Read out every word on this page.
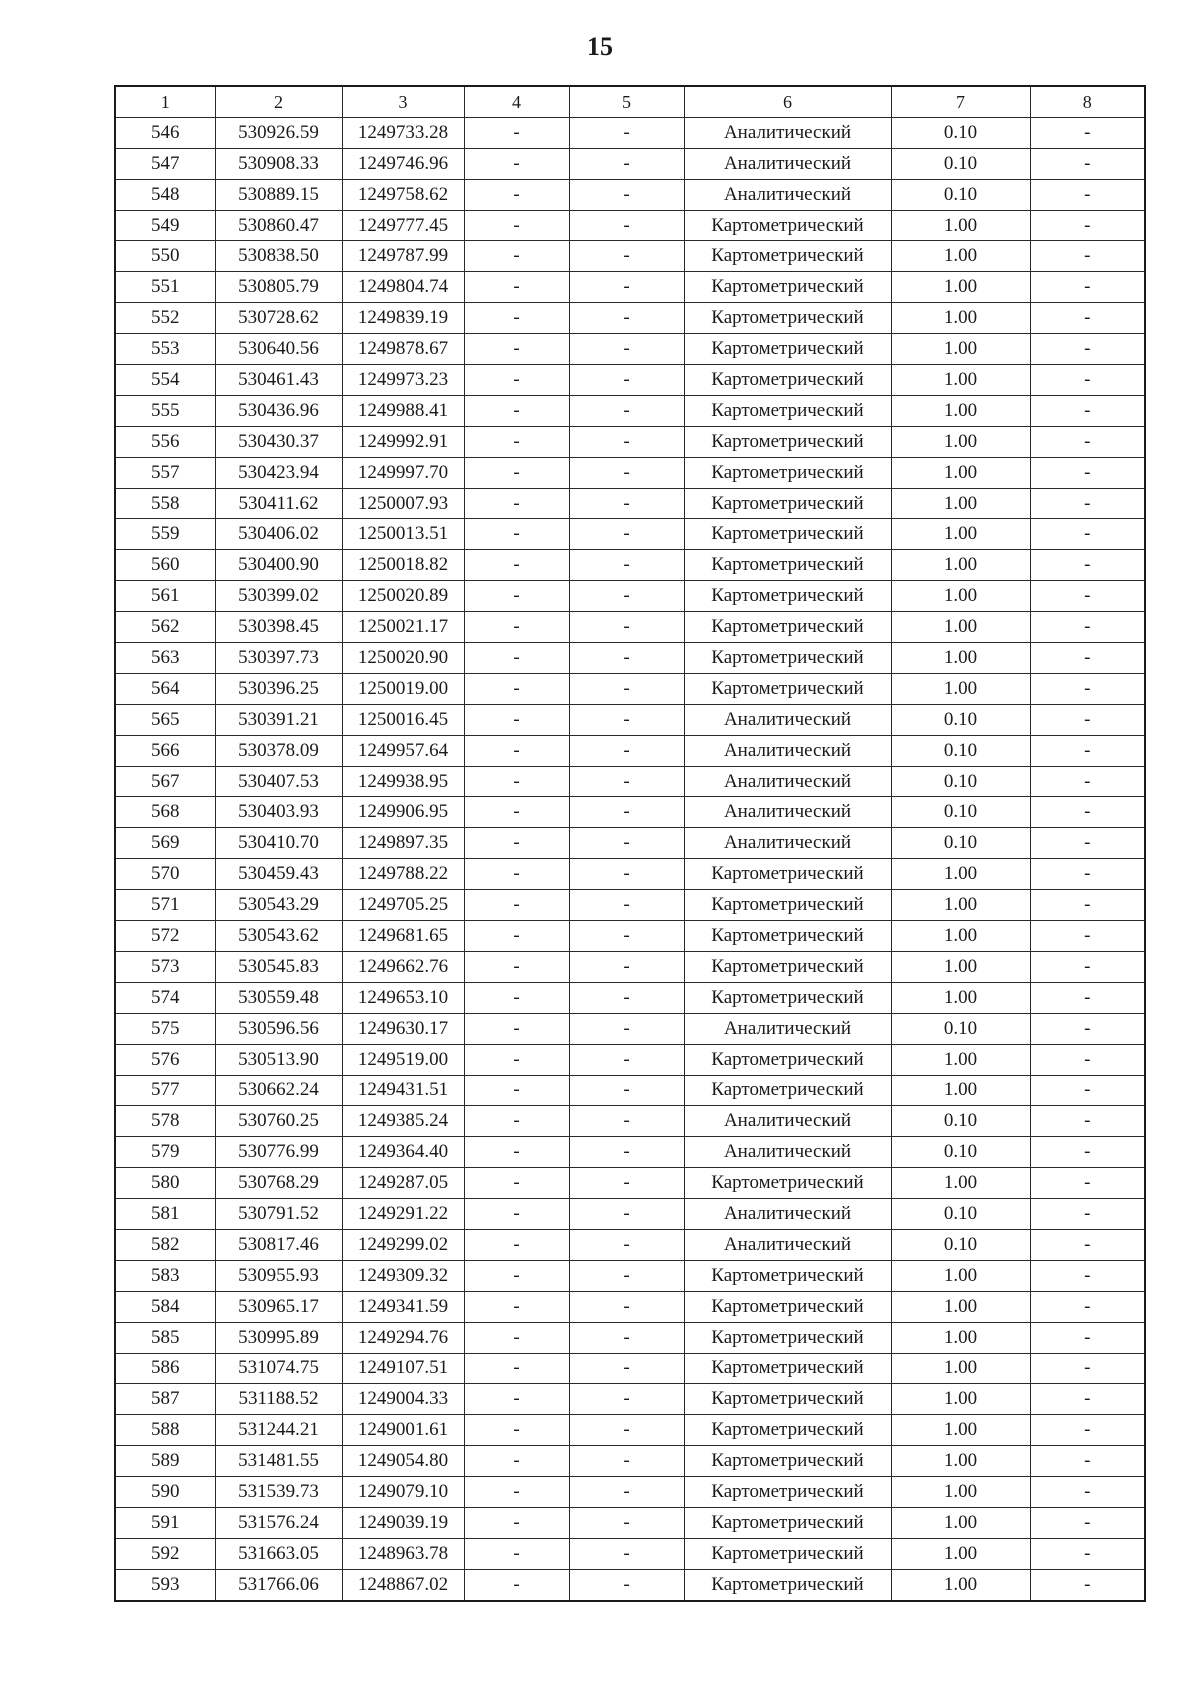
15
1	2	3	4	5	6	7	8
546	530926.59	1249733.28	-	-	Аналитический	0.10	-
547	530908.33	1249746.96	-	-	Аналитический	0.10	-
548	530889.15	1249758.62	-	-	Аналитический	0.10	-
549	530860.47	1249777.45	-	-	Картометрический	1.00	-
550	530838.50	1249787.99	-	-	Картометрический	1.00	-
551	530805.79	1249804.74	-	-	Картометрический	1.00	-
552	530728.62	1249839.19	-	-	Картометрический	1.00	-
553	530640.56	1249878.67	-	-	Картометрический	1.00	-
554	530461.43	1249973.23	-	-	Картометрический	1.00	-
555	530436.96	1249988.41	-	-	Картометрический	1.00	-
556	530430.37	1249992.91	-	-	Картометрический	1.00	-
557	530423.94	1249997.70	-	-	Картометрический	1.00	-
558	530411.62	1250007.93	-	-	Картометрический	1.00	-
559	530406.02	1250013.51	-	-	Картометрический	1.00	-
560	530400.90	1250018.82	-	-	Картометрический	1.00	-
561	530399.02	1250020.89	-	-	Картометрический	1.00	-
562	530398.45	1250021.17	-	-	Картометрический	1.00	-
563	530397.73	1250020.90	-	-	Картометрический	1.00	-
564	530396.25	1250019.00	-	-	Картометрический	1.00	-
565	530391.21	1250016.45	-	-	Аналитический	0.10	-
566	530378.09	1249957.64	-	-	Аналитический	0.10	-
567	530407.53	1249938.95	-	-	Аналитический	0.10	-
568	530403.93	1249906.95	-	-	Аналитический	0.10	-
569	530410.70	1249897.35	-	-	Аналитический	0.10	-
570	530459.43	1249788.22	-	-	Картометрический	1.00	-
571	530543.29	1249705.25	-	-	Картометрический	1.00	-
572	530543.62	1249681.65	-	-	Картометрический	1.00	-
573	530545.83	1249662.76	-	-	Картометрический	1.00	-
574	530559.48	1249653.10	-	-	Картометрический	1.00	-
575	530596.56	1249630.17	-	-	Аналитический	0.10	-
576	530513.90	1249519.00	-	-	Картометрический	1.00	-
577	530662.24	1249431.51	-	-	Картометрический	1.00	-
578	530760.25	1249385.24	-	-	Аналитический	0.10	-
579	530776.99	1249364.40	-	-	Аналитический	0.10	-
580	530768.29	1249287.05	-	-	Картометрический	1.00	-
581	530791.52	1249291.22	-	-	Аналитический	0.10	-
582	530817.46	1249299.02	-	-	Аналитический	0.10	-
583	530955.93	1249309.32	-	-	Картометрический	1.00	-
584	530965.17	1249341.59	-	-	Картометрический	1.00	-
585	530995.89	1249294.76	-	-	Картометрический	1.00	-
586	531074.75	1249107.51	-	-	Картометрический	1.00	-
587	531188.52	1249004.33	-	-	Картометрический	1.00	-
588	531244.21	1249001.61	-	-	Картометрический	1.00	-
589	531481.55	1249054.80	-	-	Картометрический	1.00	-
590	531539.73	1249079.10	-	-	Картометрический	1.00	-
591	531576.24	1249039.19	-	-	Картометрический	1.00	-
592	531663.05	1248963.78	-	-	Картометрический	1.00	-
593	531766.06	1248867.02	-	-	Картометрический	1.00	-
